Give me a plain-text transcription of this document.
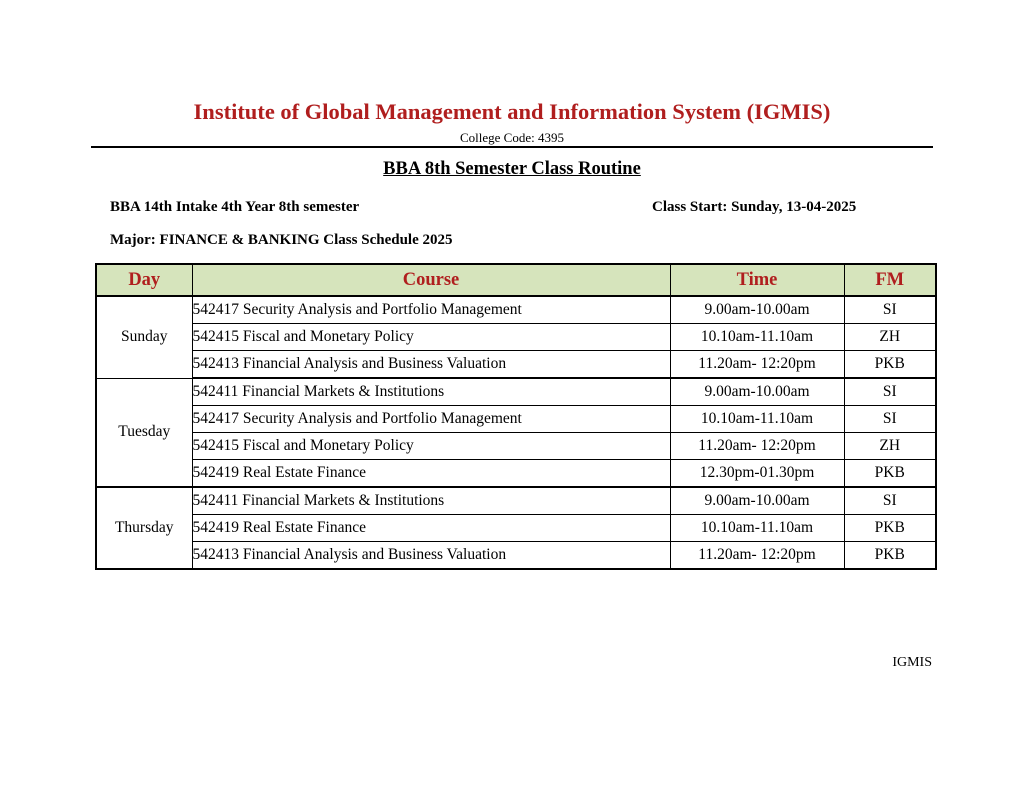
Institute of Global Management and Information System (IGMIS)
College Code: 4395
BBA 8th Semester Class Routine
BBA 14th Intake 4th Year 8th semester	Class Start: Sunday, 13-04-2025
Major: FINANCE & BANKING Class Schedule 2025
Day	Course	Time	FM
Sunday	542417 Security Analysis and Portfolio Management	9.00am-10.00am	SI
	542415 Fiscal and Monetary Policy	10.10am-11.10am	ZH
	542413 Financial Analysis and Business Valuation	11.20am- 12:20pm	PKB
Tuesday	542411 Financial Markets & Institutions	9.00am-10.00am	SI
	542417 Security Analysis and Portfolio Management	10.10am-11.10am	SI
	542415 Fiscal and Monetary Policy	11.20am- 12:20pm	ZH
	542419 Real Estate Finance	12.30pm-01.30pm	PKB
Thursday	542411 Financial Markets & Institutions	9.00am-10.00am	SI
	542419 Real Estate Finance	10.10am-11.10am	PKB
	542413 Financial Analysis and Business Valuation	11.20am- 12:20pm	PKB
IGMIS
